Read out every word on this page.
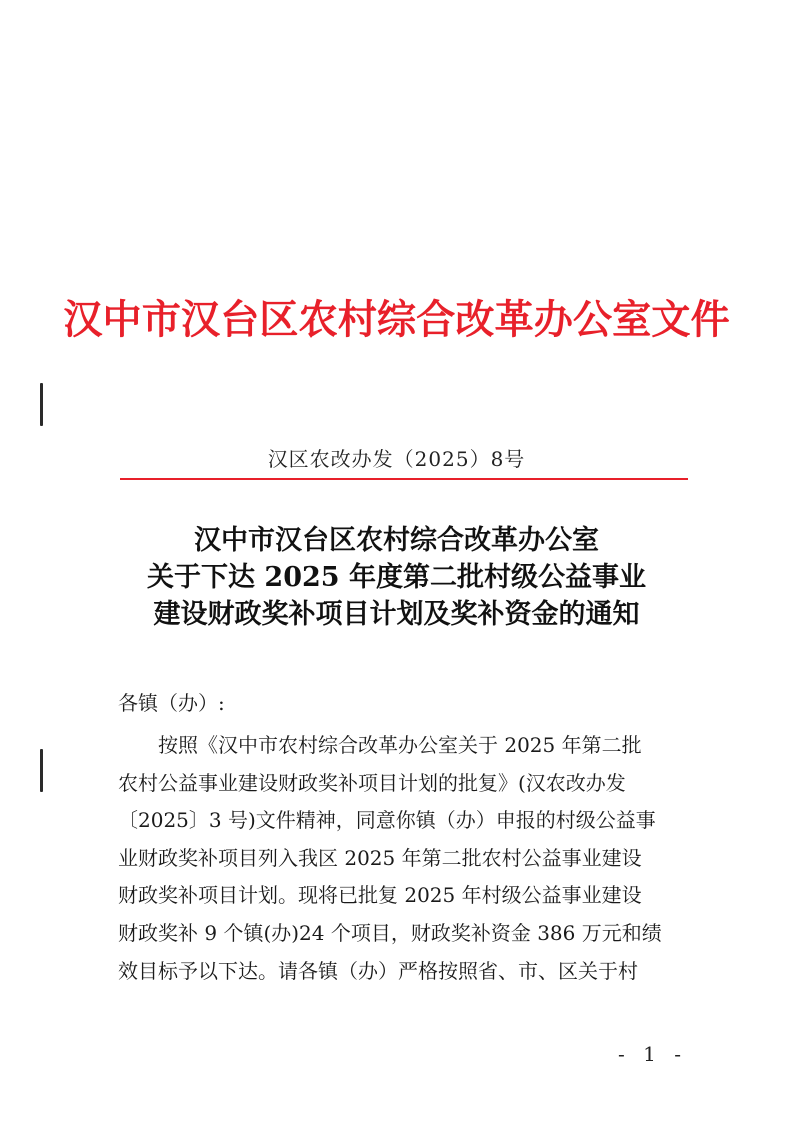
汉中市汉台区农村综合改革办公室文件
汉区农改办发（2025）8号
汉中市汉台区农村综合改革办公室
关于下达 2025 年度第二批村级公益事业
建设财政奖补项目计划及奖补资金的通知
各镇（办）:
按照《汉中市农村综合改革办公室关于 2025 年第二批
农村公益事业建设财政奖补项目计划的批复》(汉农改办发
〔2025〕3 号)文件精神，同意你镇（办）申报的村级公益事
业财政奖补项目列入我区 2025 年第二批农村公益事业建设
财政奖补项目计划。现将已批复 2025 年村级公益事业建设
财政奖补 9 个镇(办)24 个项目，财政奖补资金 386 万元和绩
效目标予以下达。请各镇（办）严格按照省、市、区关于村
- 1 -
